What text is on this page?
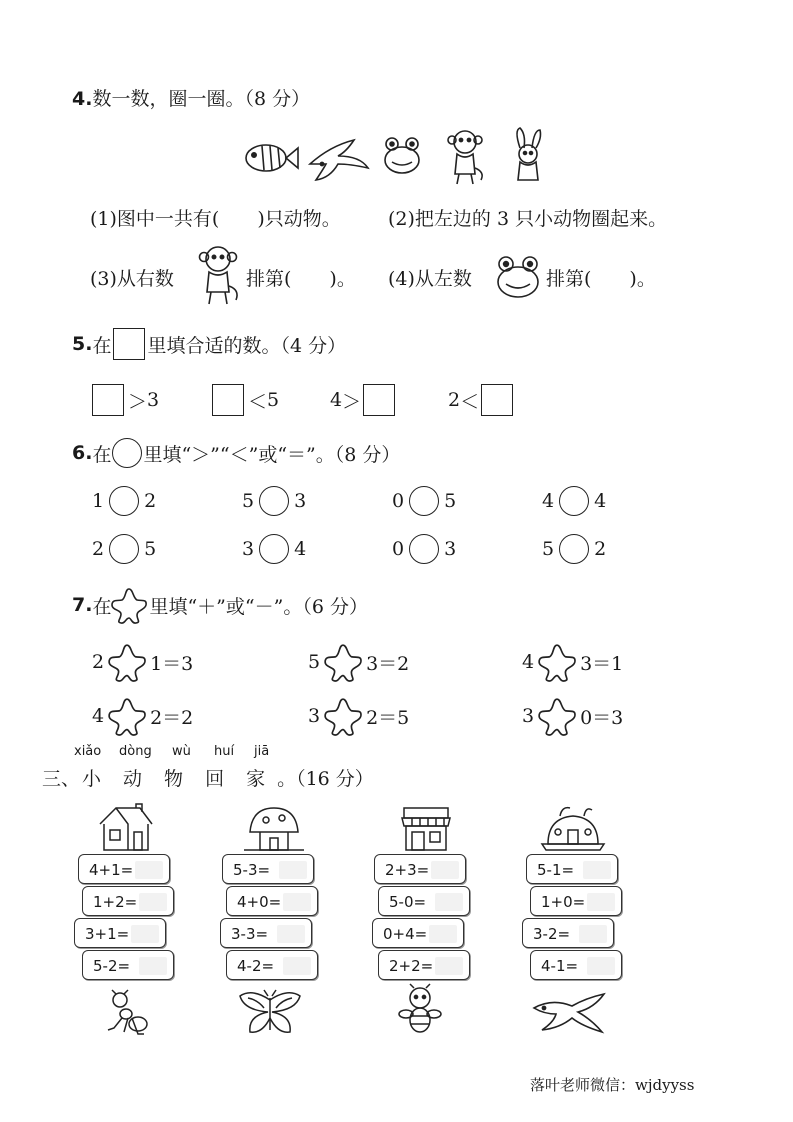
4.数一数，圈一圈。（8 分）
(1)图中一共有(　　)只动物。 (2)把左边的 3 只小动物圈起来。
(3)从右数	排第(　　)。 (4)从左数	排第(　　)。
5. 在 里填合适的数。（4 分）
＞ 3	＜ 5	4 ＞	2 ＜
6. 在 里填“＞”“＜”或“＝”。（8 分）
1 2	5 3	0 5	4 4
2 5	3 4	0 3	5 2
7. 在 里填“＋”或“－”。（6 分）
2 1＝3	5 3＝2	4 3＝1
4 2＝2	3 2＝5	3 0＝3
xiǎo dòng wù huí jiā
三、 小 动 物 回 家 。（16 分）
4+1=
1+2=
3+1=
5-2=
5-3=
4+0=
3-3=
4-2=
2+3=
5-0=
0+4=
2+2=
5-1=
1+0=
3-2=
4-1=
落叶老师微信：wjdyyss
